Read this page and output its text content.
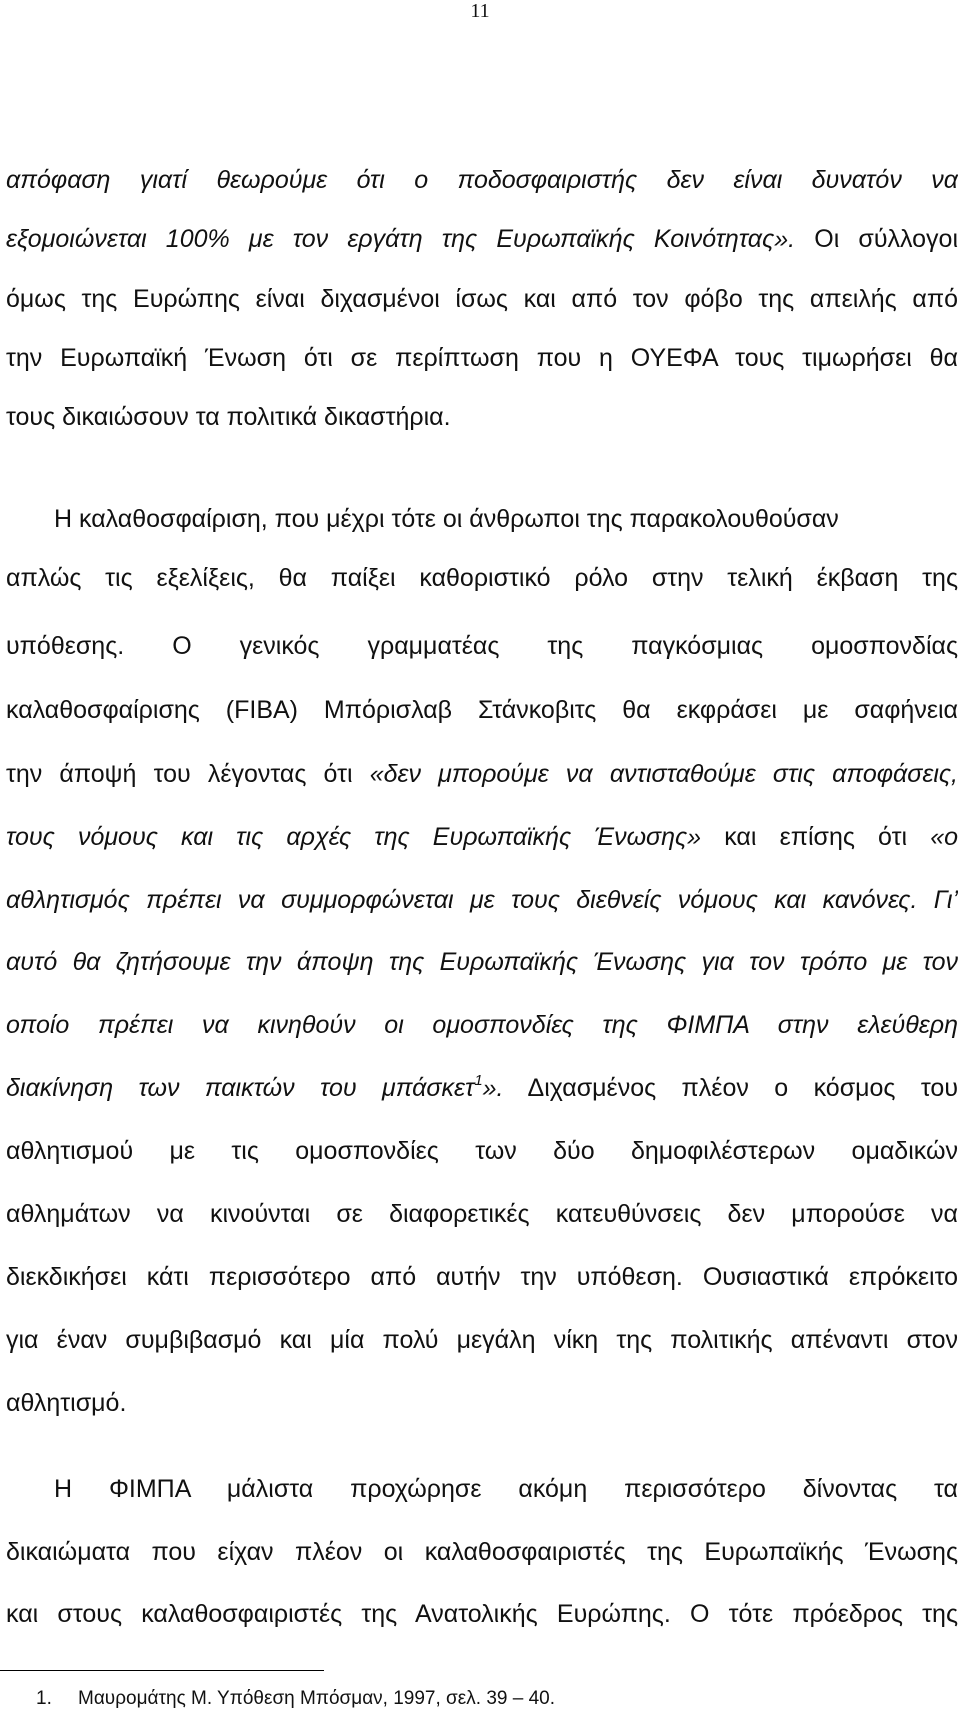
11
απόφαση γιατί θεωρούμε ότι ο ποδοσφαιριστής δεν είναι δυνατόν να
εξομοιώνεται 100% με τον εργάτη της Ευρωπαϊκής Κοινότητας». Οι σύλλογοι
όμως της Ευρώπης είναι διχασμένοι ίσως και από τον φόβο της απειλής από
την Ευρωπαϊκή Ένωση ότι σε περίπτωση που η ΟΥΕΦΑ τους τιμωρήσει θα
τους δικαιώσουν τα πολιτικά δικαστήρια.
Η καλαθοσφαίριση, που μέχρι τότε οι άνθρωποι της παρακολουθούσαν
απλώς τις εξελίξεις, θα παίξει καθοριστικό ρόλο στην τελική έκβαση της
υπόθεσης. Ο γενικός γραμματέας της παγκόσμιας ομοσπονδίας
καλαθοσφαίρισης (FIBA) Μπόρισλαβ Στάνκοβιτς θα εκφράσει με σαφήνεια
την άποψή του λέγοντας ότι «δεν μπορούμε να αντισταθούμε στις αποφάσεις,
τους νόμους και τις αρχές της Ευρωπαϊκής Ένωσης» και επίσης ότι «ο
αθλητισμός πρέπει να συμμορφώνεται με τους διεθνείς νόμους και κανόνες. Γι’
αυτό θα ζητήσουμε την άποψη της Ευρωπαϊκής Ένωσης για τον τρόπο με τον
οποίο πρέπει να κινηθούν οι ομοσπονδίες της ΦΙΜΠΑ στην ελεύθερη
διακίνηση των παικτών του μπάσκετ$^1$». Διχασμένος πλέον ο κόσμος του
αθλητισμού με τις ομοσπονδίες των δύο δημοφιλέστερων ομαδικών
αθλημάτων να κινούνται σε διαφορετικές κατευθύνσεις δεν μπορούσε να
διεκδικήσει κάτι περισσότερο από αυτήν την υπόθεση. Ουσιαστικά επρόκειτο
για έναν συμβιβασμό και μία πολύ μεγάλη νίκη της πολιτικής απέναντι στον
αθλητισμό.
Η ΦΙΜΠΑ μάλιστα προχώρησε ακόμη περισσότερο δίνοντας τα
δικαιώματα που είχαν πλέον οι καλαθοσφαιριστές της Ευρωπαϊκής Ένωσης
και στους καλαθοσφαιριστές της Ανατολικής Ευρώπης. Ο τότε πρόεδρος της
1. Μαυρομάτης Μ. Υπόθεση Μπόσμαν, 1997, σελ. 39 – 40.
